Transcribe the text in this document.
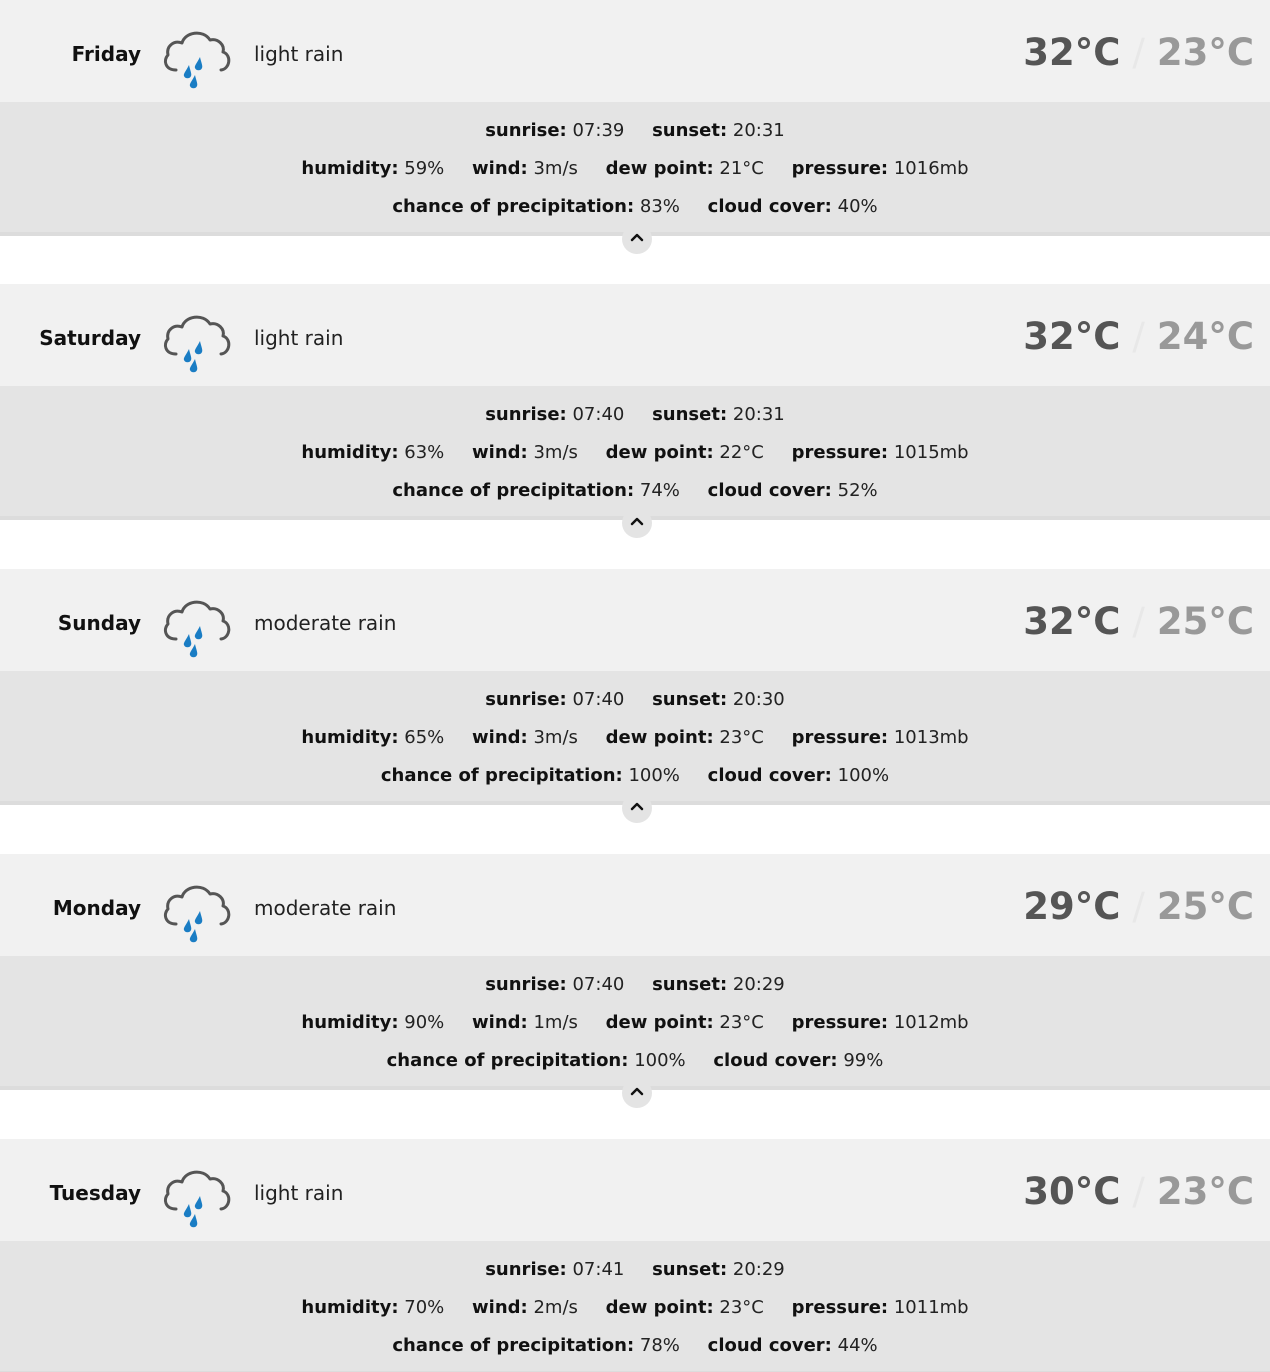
Friday	light rain	32°C / 23°C
sunrise: 07:39 sunset: 20:31
humidity: 59% wind: 3m/s dew point: 21°C pressure: 1016mb
chance of precipitation: 83% cloud cover: 40%
Saturday	light rain	32°C / 24°C
sunrise: 07:40 sunset: 20:31
humidity: 63% wind: 3m/s dew point: 22°C pressure: 1015mb
chance of precipitation: 74% cloud cover: 52%
Sunday	moderate rain	32°C / 25°C
sunrise: 07:40 sunset: 20:30
humidity: 65% wind: 3m/s dew point: 23°C pressure: 1013mb
chance of precipitation: 100% cloud cover: 100%
Monday	moderate rain	29°C / 25°C
sunrise: 07:40 sunset: 20:29
humidity: 90% wind: 1m/s dew point: 23°C pressure: 1012mb
chance of precipitation: 100% cloud cover: 99%
Tuesday	light rain	30°C / 23°C
sunrise: 07:41 sunset: 20:29
humidity: 70% wind: 2m/s dew point: 23°C pressure: 1011mb
chance of precipitation: 78% cloud cover: 44%
